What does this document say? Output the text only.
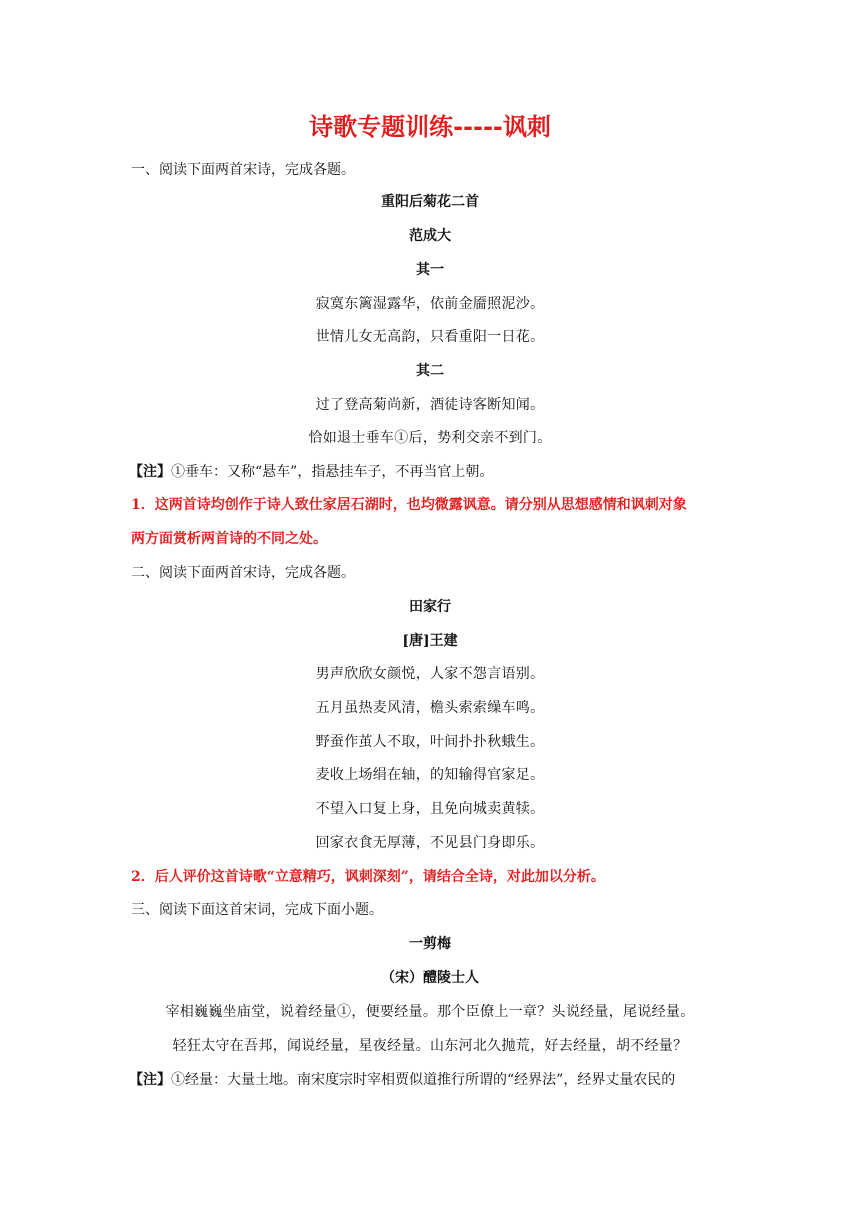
诗歌专题训练-----讽刺
一、阅读下面两首宋诗，完成各题。
重阳后菊花二首
范成大
其一
寂寞东篱湿露华，依前金靥照泥沙。
世情儿女无高韵，只看重阳一日花。
其二
过了登高菊尚新，酒徒诗客断知闻。
恰如退士垂车①后，势利交亲不到门。
【注】①垂车：又称“悬车”，指悬挂车子，不再当官上朝。
1．这两首诗均创作于诗人致仕家居石湖时，也均微露讽意。请分别从思想感情和讽刺对象
两方面赏析两首诗的不同之处。
二、阅读下面两首宋诗，完成各题。
田家行
[唐]王建
男声欣欣女颜悦，人家不怨言语别。
五月虽热麦风清，檐头索索缲车鸣。
野蚕作茧人不取，叶间扑扑秋蛾生。
麦收上场绢在轴，的知输得官家足。
不望入口复上身，且免向城卖黄犊。
回家衣食无厚薄，不见县门身即乐。
2．后人评价这首诗歌“立意精巧，讽刺深刻”，请结合全诗，对此加以分析。
三、阅读下面这首宋词，完成下面小题。
一剪梅
（宋）醴陵士人
宰相巍巍坐庙堂，说着经量①，便要经量。那个臣僚上一章？头说经量，尾说经量。
轻狂太守在吾邦，闻说经量，星夜经量。山东河北久抛荒，好去经量，胡不经量？
【注】①经量：大量土地。南宋度宗时宰相贾似道推行所谓的“经界法”，经界丈量农民的
